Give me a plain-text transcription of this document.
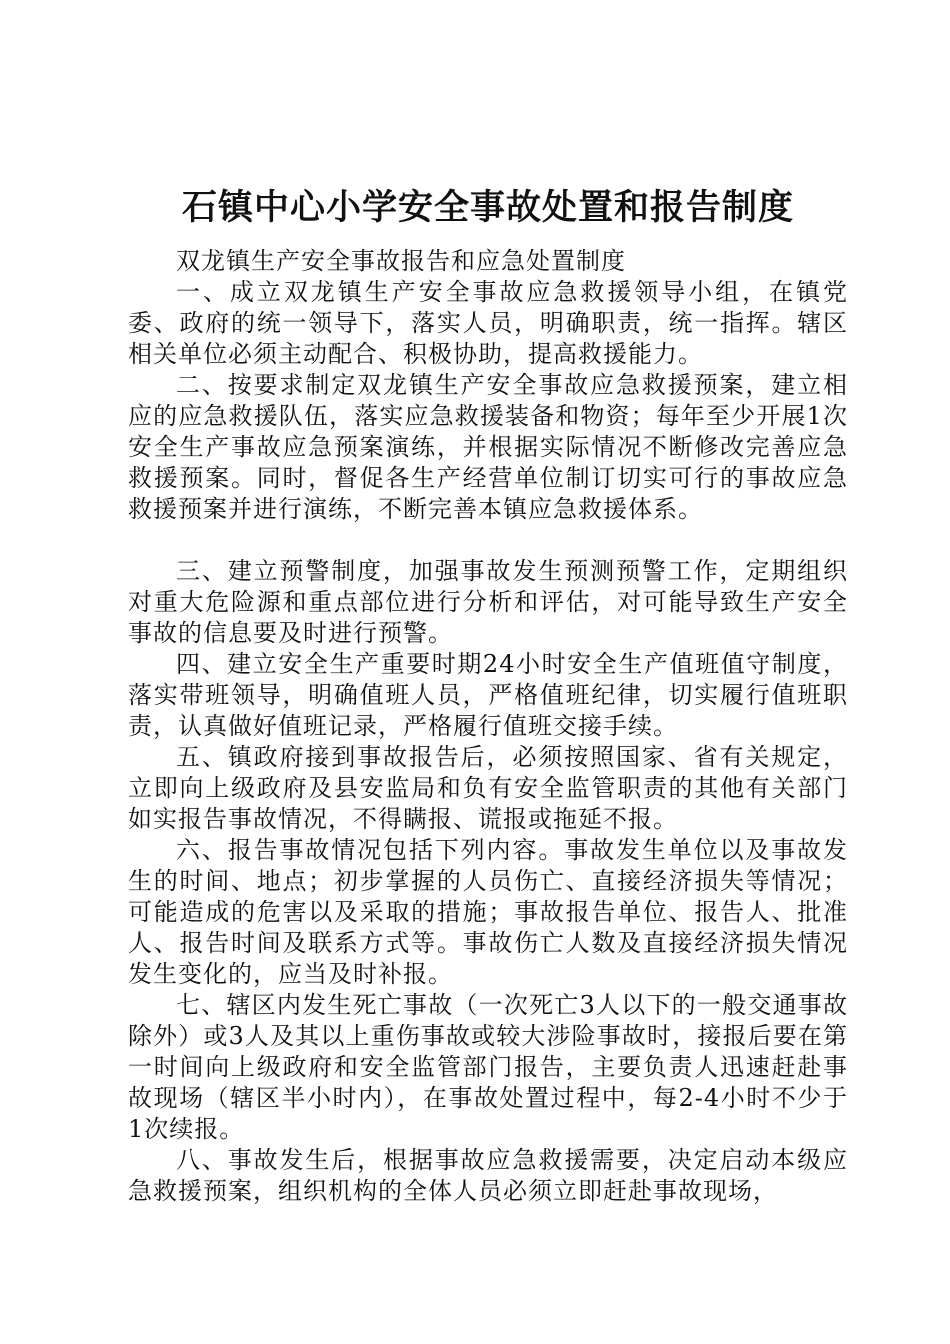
石镇中心小学安全事故处置和报告制度

双龙镇生产安全事故报告和应急处置制度

一、成立双龙镇生产安全事故应急救援领导小组，在镇党委、政府的统一领导下，落实人员，明确职责，统一指挥。辖区相关单位必须主动配合、积极协助，提高救援能力。

二、按要求制定双龙镇生产安全事故应急救援预案，建立相应的应急救援队伍，落实应急救援装备和物资；每年至少开展1次安全生产事故应急预案演练，并根据实际情况不断修改完善应急救援预案。同时，督促各生产经营单位制订切实可行的事故应急救援预案并进行演练，不断完善本镇应急救援体系。

三、建立预警制度，加强事故发生预测预警工作，定期组织对重大危险源和重点部位进行分析和评估，对可能导致生产安全事故的信息要及时进行预警。

四、建立安全生产重要时期24小时安全生产值班值守制度，落实带班领导，明确值班人员，严格值班纪律，切实履行值班职责，认真做好值班记录，严格履行值班交接手续。

五、镇政府接到事故报告后，必须按照国家、省有关规定，立即向上级政府及县安监局和负有安全监管职责的其他有关部门如实报告事故情况，不得瞒报、谎报或拖延不报。

六、报告事故情况包括下列内容。事故发生单位以及事故发生的时间、地点；初步掌握的人员伤亡、直接经济损失等情况；可能造成的危害以及采取的措施；事故报告单位、报告人、批准人、报告时间及联系方式等。事故伤亡人数及直接经济损失情况发生变化的，应当及时补报。

七、辖区内发生死亡事故（一次死亡3人以下的一般交通事故除外）或3人及其以上重伤事故或较大涉险事故时，接报后要在第一时间向上级政府和安全监管部门报告，主要负责人迅速赶赴事故现场（辖区半小时内），在事故处置过程中，每2-4小时不少于1次续报。

八、事故发生后，根据事故应急救援需要，决定启动本级应急救援预案，组织机构的全体人员必须立即赶赴事故现场，
